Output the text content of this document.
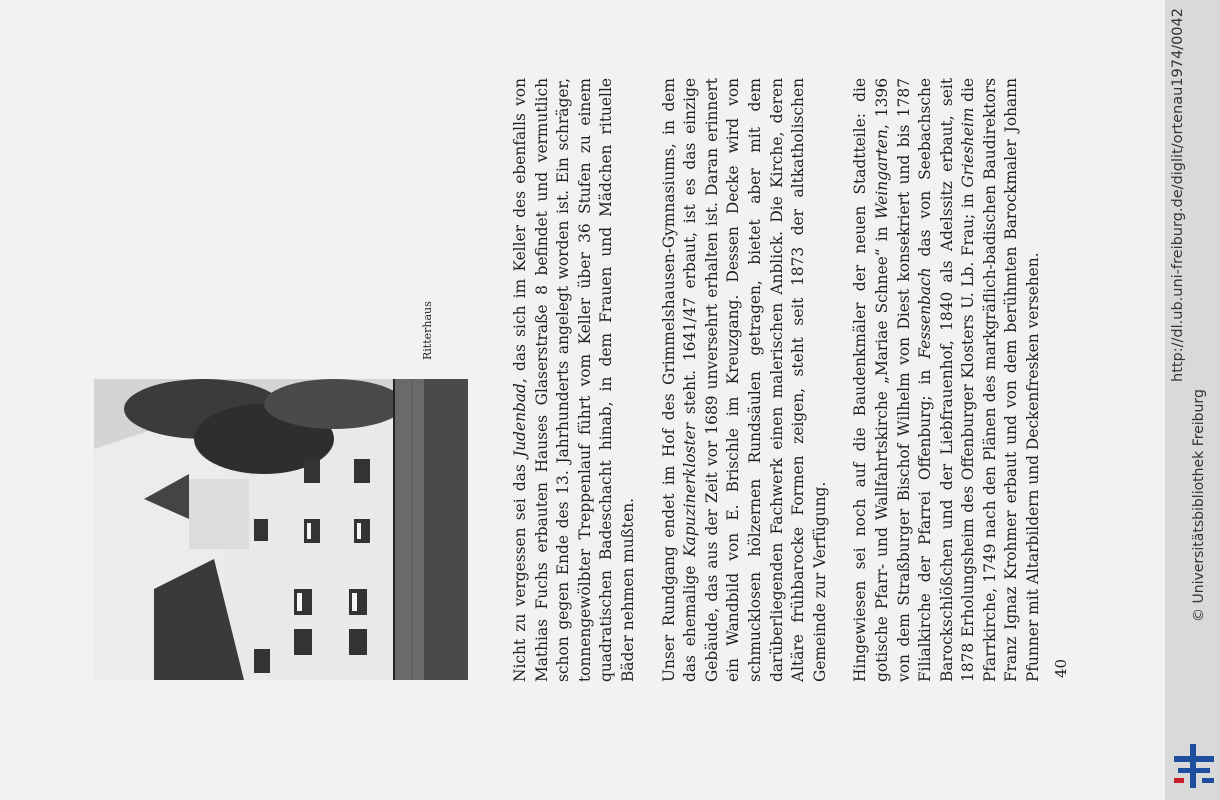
Ritterhaus

Nicht zu vergessen sei das Judenbad, das sich im Keller des ebenfalls von Mathias Fuchs erbauten Hauses Glaserstraße 8 befindet und vermutlich schon gegen Ende des 13. Jahrhunderts angelegt worden ist. Ein schräger, tonnengewölbter Treppenlauf führt vom Keller über 36 Stufen zu einem quadratischen Badeschacht hinab, in dem Frauen und Mädchen rituelle Bäder nehmen mußten. Unser Rundgang endet im Hof des Grimmelshausen-Gymnasiums, in dem das ehemalige Kapuzinerkloster steht. 1641/47 erbaut, ist es das einzige Gebäude, das aus der Zeit vor 1689 unversehrt erhalten ist. Daran erinnert ein Wandbild von E. Brischle im Kreuzgang. Dessen Decke wird von schmucklosen hölzernen Rundsäulen getragen, bietet aber mit dem darüberliegenden Fachwerk einen malerischen Anblick. Die Kirche, deren Altäre frühbarocke Formen zeigen, steht seit 1873 der altkatholischen Gemeinde zur Verfügung. Hingewiesen sei noch auf die Baudenkmäler der neuen Stadtteile: die gotische Pfarr- und Wallfahrtskirche „Mariae Schnee“ in Weingarten, 1396 von dem Straßburger Bischof Wilhelm von Diest konsekriert und bis 1787 Filialkirche der Pfarrei Offenburg; in Fessenbach das von Seebachsche Barockschlößchen und der Liebfrauenhof, 1840 als Adelssitz erbaut, seit 1878 Erholungsheim des Offenburger Klosters U. Lb. Frau; in Griesheim die Pfarrkirche, 1749 nach den Plänen des markgräflich-badischen Baudirektors Franz Ignaz Krohmer erbaut und von dem berühmten Barockmaler Johann Pfunner mit Altarbildern und Deckenfresken versehen. 40
http://dl.ub.uni-freiburg.de/diglit/ortenau1974/0042
© Universitätsbibliothek Freiburg
